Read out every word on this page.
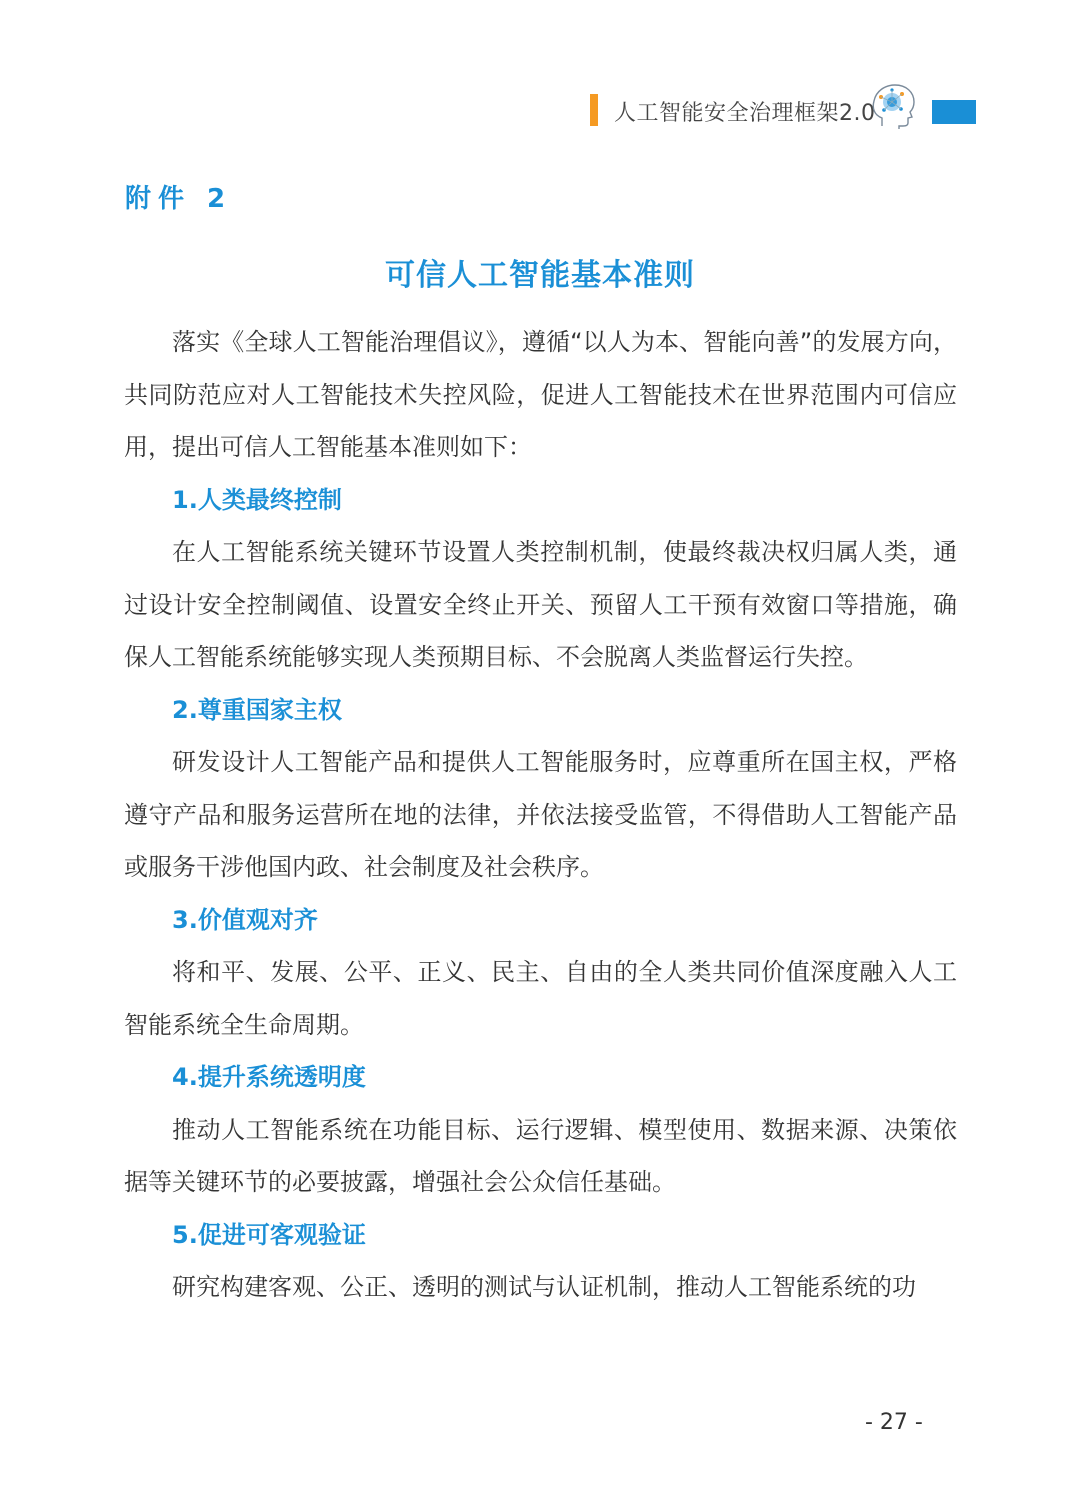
人工智能安全治理框架2.0
附件 2
可信人工智能基本准则

落实《全球人工智能治理倡议》，遵循“以人为本、智能向善”的发展方向，共同防范应对人工智能技术失控风险，促进人工智能技术在世界范围内可信应用，提出可信人工智能基本准则如下：

1.人类最终控制

在人工智能系统关键环节设置人类控制机制，使最终裁决权归属人类，通过设计安全控制阈值、设置安全终止开关、预留人工干预有效窗口等措施，确保人工智能系统能够实现人类预期目标、不会脱离人类监督运行失控。

2.尊重国家主权

研发设计人工智能产品和提供人工智能服务时，应尊重所在国主权，严格遵守产品和服务运营所在地的法律，并依法接受监管，不得借助人工智能产品或服务干涉他国内政、社会制度及社会秩序。

3.价值观对齐

将和平、发展、公平、正义、民主、自由的全人类共同价值深度融入人工智能系统全生命周期。

4.提升系统透明度

推动人工智能系统在功能目标、运行逻辑、模型使用、数据来源、决策依据等关键环节的必要披露，增强社会公众信任基础。

5.促进可客观验证

研究构建客观、公正、透明的测试与认证机制，推动人工智能系统的功

- 27 -
